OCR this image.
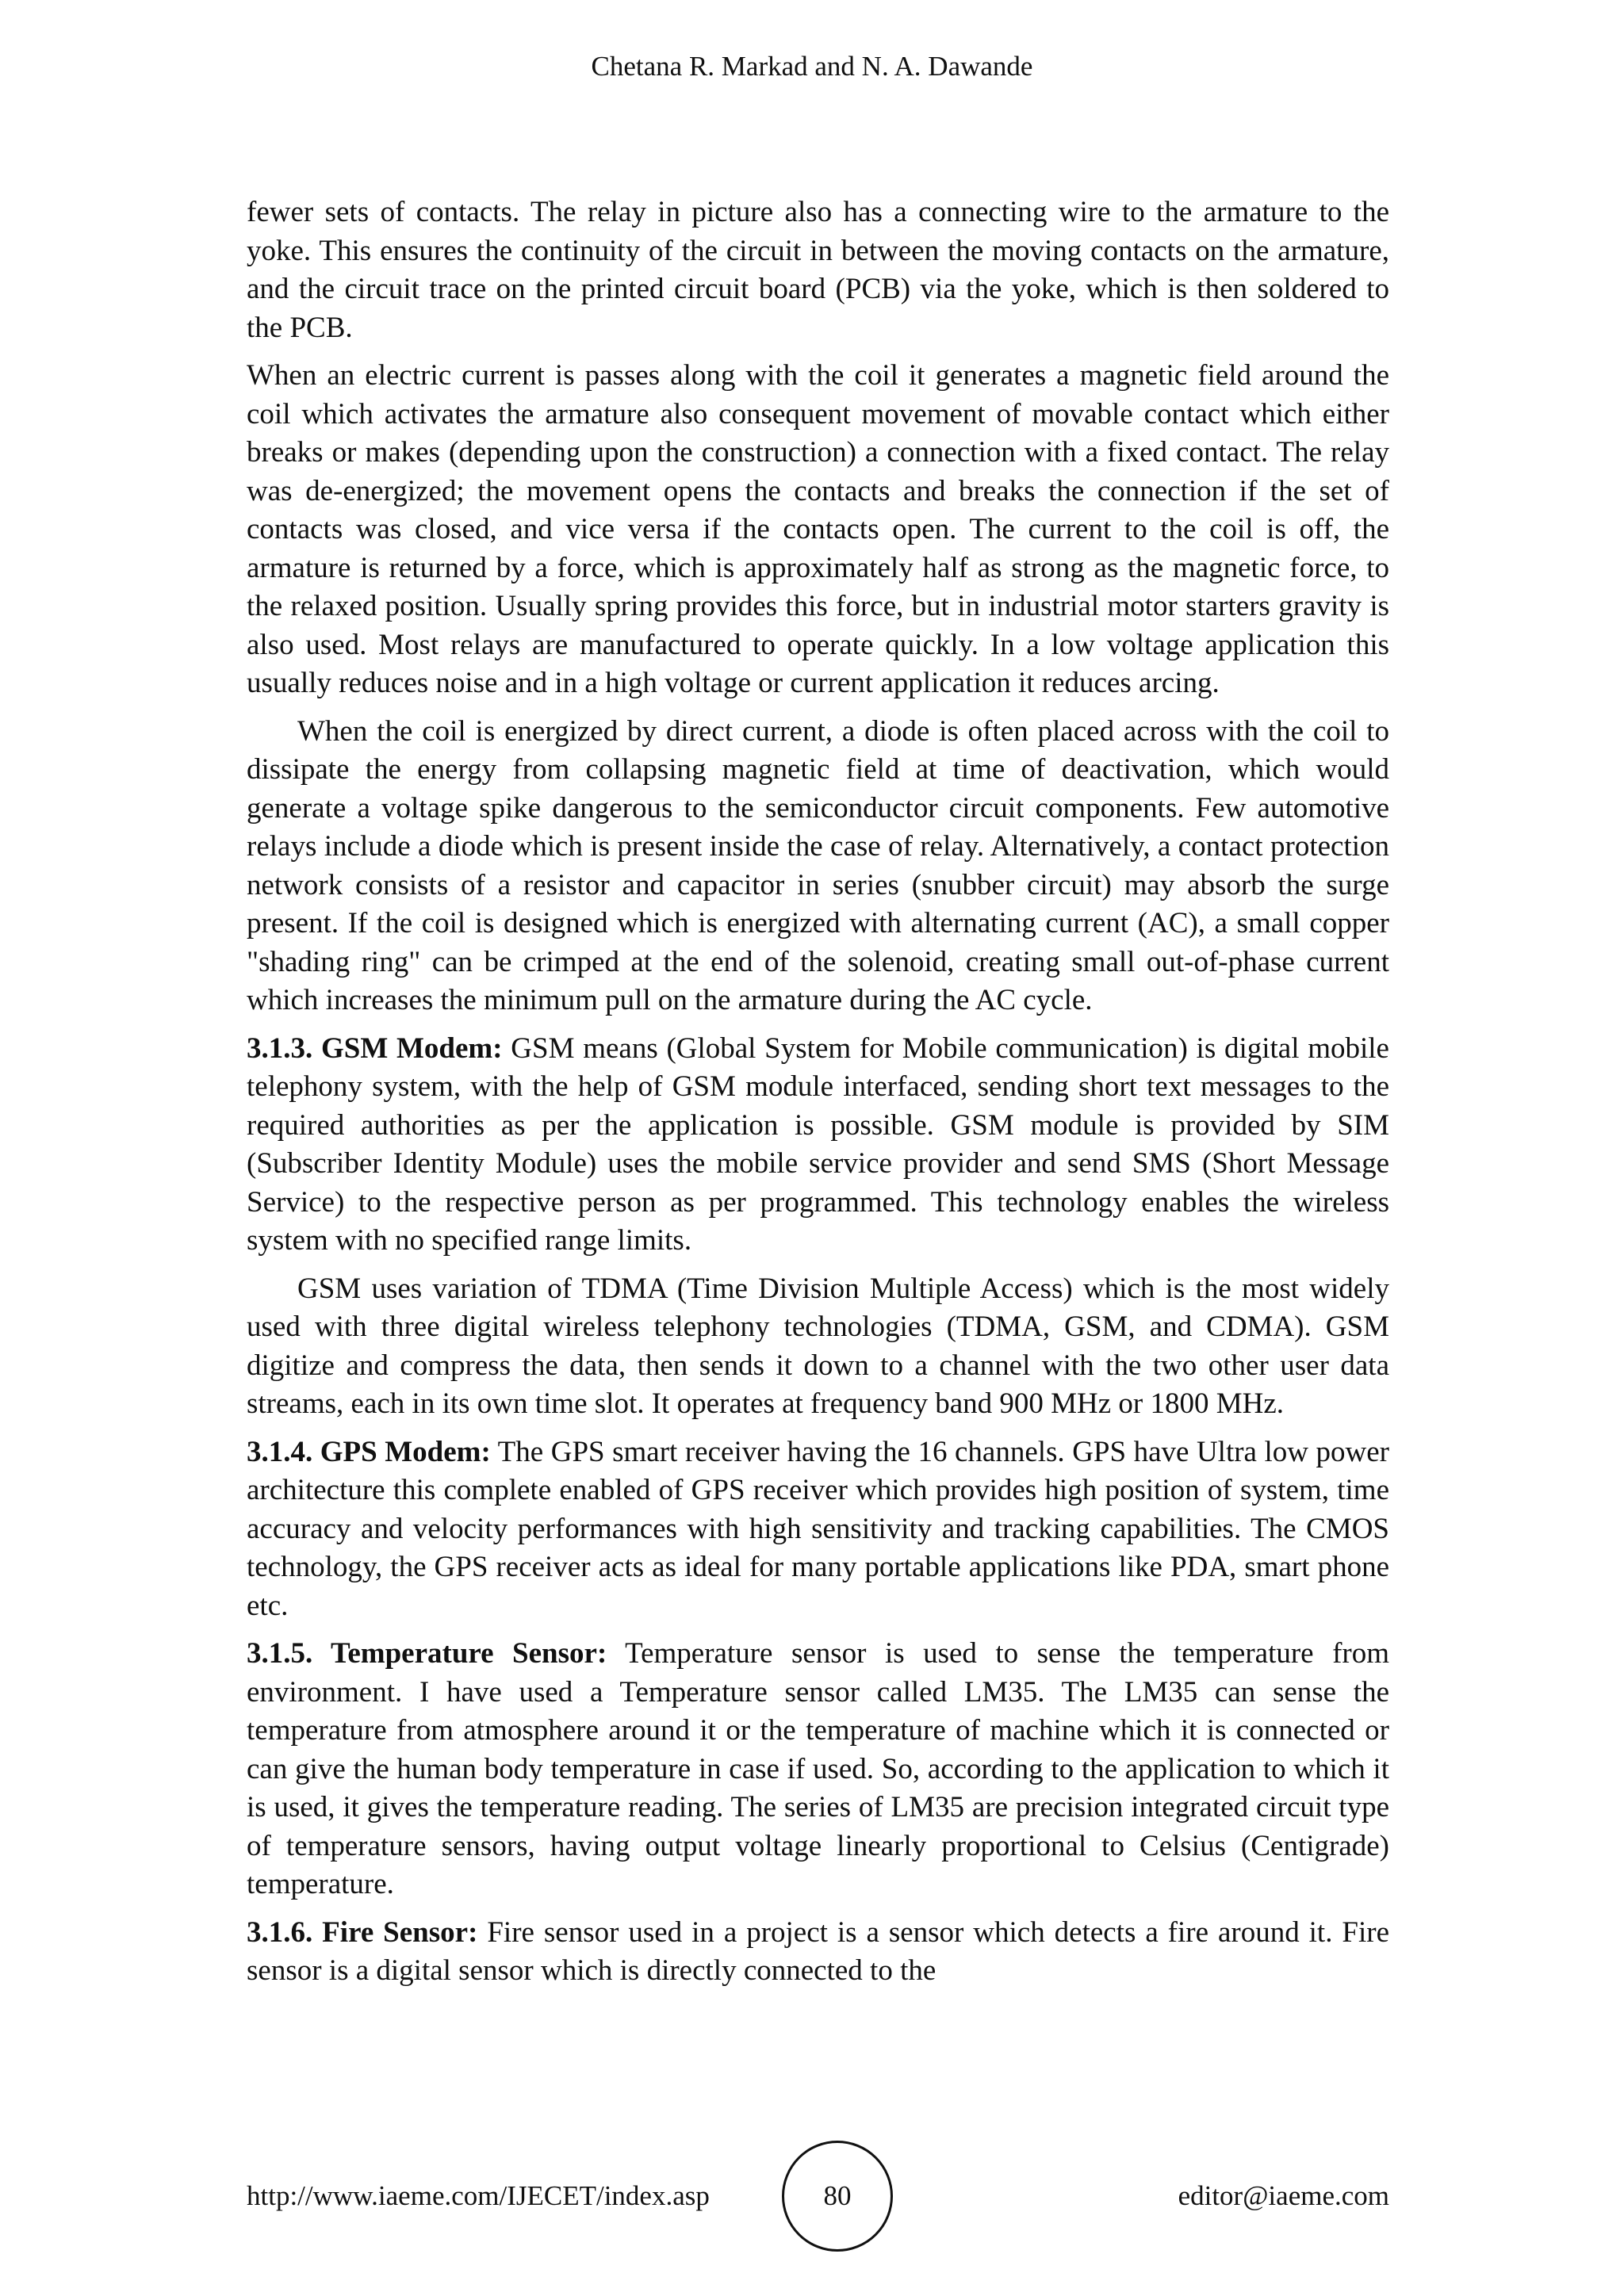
Chetana R. Markad and N. A. Dawande

fewer sets of contacts. The relay in picture also has a connecting wire to the armature to the yoke. This ensures the continuity of the circuit in between the moving contacts on the armature, and the circuit trace on the printed circuit board (PCB) via the yoke, which is then soldered to the PCB.

When an electric current is passes along with the coil it generates a magnetic field around the coil which activates the armature also consequent movement of movable contact which either breaks or makes (depending upon the construction) a connection with a fixed contact. The relay was de-energized; the movement opens the contacts and breaks the connection if the set of contacts was closed, and vice versa if the contacts open. The current to the coil is off, the armature is returned by a force, which is approximately half as strong as the magnetic force, to the relaxed position. Usually spring provides this force, but in industrial motor starters gravity is also used. Most relays are manufactured to operate quickly. In a low voltage application this usually reduces noise and in a high voltage or current application it reduces arcing.

When the coil is energized by direct current, a diode is often placed across with the coil to dissipate the energy from collapsing magnetic field at time of deactivation, which would generate a voltage spike dangerous to the semiconductor circuit components. Few automotive relays include a diode which is present inside the case of relay. Alternatively, a contact protection network consists of a resistor and capacitor in series (snubber circuit) may absorb the surge present. If the coil is designed which is energized with alternating current (AC), a small copper "shading ring" can be crimped at the end of the solenoid, creating small out-of-phase current which increases the minimum pull on the armature during the AC cycle.

3.1.3. GSM Modem: GSM means (Global System for Mobile communication) is digital mobile telephony system, with the help of GSM module interfaced, sending short text messages to the required authorities as per the application is possible. GSM module is provided by SIM (Subscriber Identity Module) uses the mobile service provider and send SMS (Short Message Service) to the respective person as per programmed. This technology enables the wireless system with no specified range limits.

GSM uses variation of TDMA (Time Division Multiple Access) which is the most widely used with three digital wireless telephony technologies (TDMA, GSM, and CDMA). GSM digitize and compress the data, then sends it down to a channel with the two other user data streams, each in its own time slot. It operates at frequency band 900 MHz or 1800 MHz.

3.1.4. GPS Modem: The GPS smart receiver having the 16 channels. GPS have Ultra low power architecture this complete enabled of GPS receiver which provides high position of system, time accuracy and velocity performances with high sensitivity and tracking capabilities. The CMOS technology, the GPS receiver acts as ideal for many portable applications like PDA, smart phone etc.

3.1.5. Temperature Sensor: Temperature sensor is used to sense the temperature from environment. I have used a Temperature sensor called LM35. The LM35 can sense the temperature from atmosphere around it or the temperature of machine which it is connected or can give the human body temperature in case if used. So, according to the application to which it is used, it gives the temperature reading. The series of LM35 are precision integrated circuit type of temperature sensors, having output voltage linearly proportional to Celsius (Centigrade) temperature.

3.1.6. Fire Sensor: Fire sensor used in a project is a sensor which detects a fire around it. Fire sensor is a digital sensor which is directly connected to the

http://www.iaeme.com/IJECET/index.asp	80	editor@iaeme.com
